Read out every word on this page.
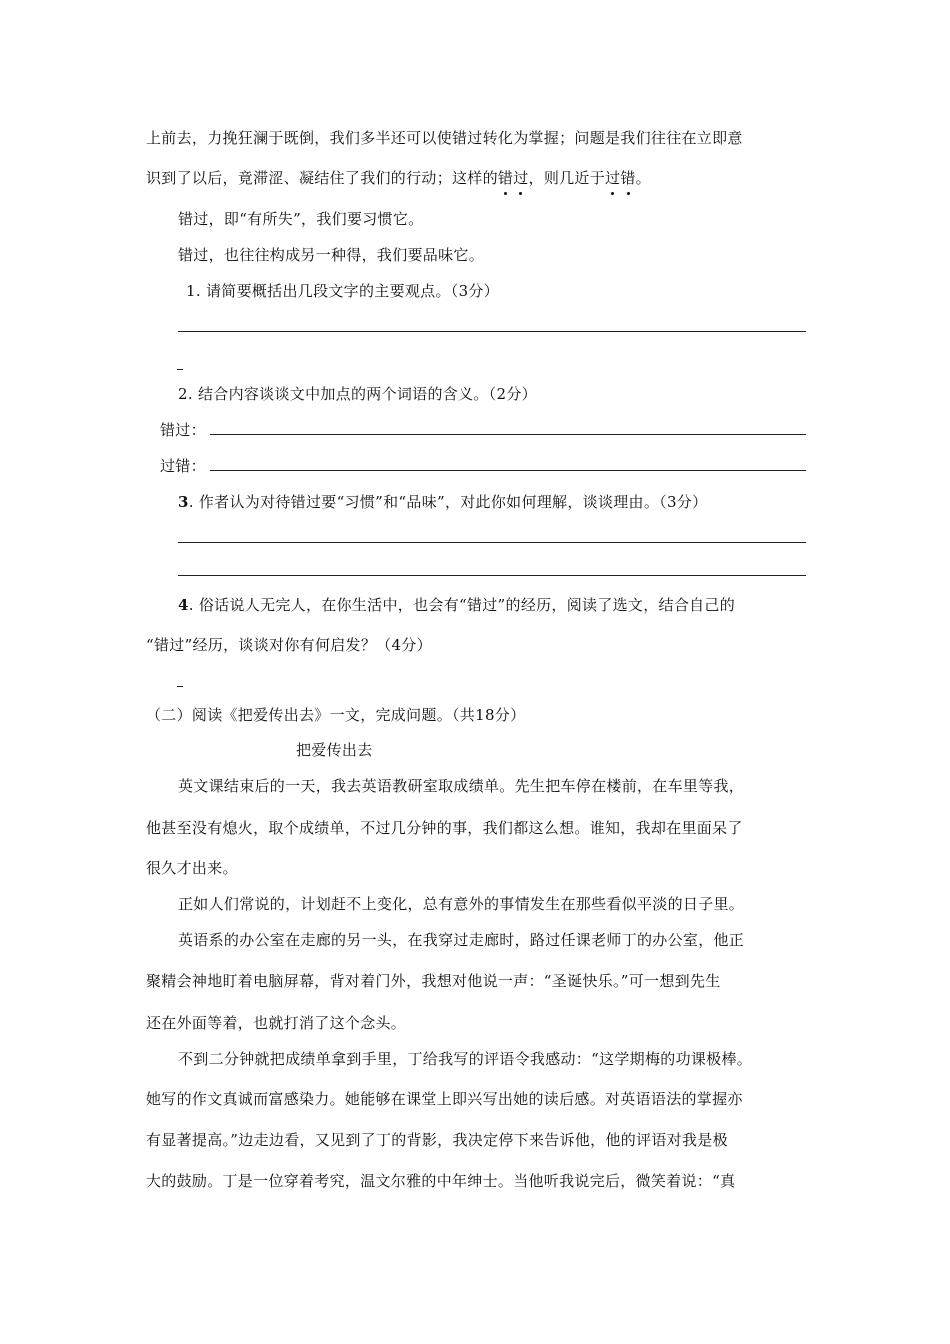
上前去，力挽狂澜于既倒，我们多半还可以使错过转化为掌握；问题是我们往往在立即意
识到了以后，竟滞涩、凝结住了我们的行动；这样的错过，则几近于过错。
错过，即“有所失”，我们要习惯它。
错过，也往往构成另一种得，我们要品味它。
1. 请简要概括出几段文字的主要观点。（3分）
2. 结合内容谈谈文中加点的两个词语的含义。（2分）
错过：
过错：
3. 作者认为对待错过要“习惯”和“品味”，对此你如何理解，谈谈理由。（3分）
4. 俗话说人无完人，在你生活中，也会有“错过”的经历，阅读了选文，结合自己的
“错过”经历，谈谈对你有何启发？（4分）
（二）阅读《把爱传出去》一文，完成问题。（共18分）
把爱传出去
英文课结束后的一天，我去英语教研室取成绩单。先生把车停在楼前，在车里等我，
他甚至没有熄火，取个成绩单，不过几分钟的事，我们都这么想。谁知，我却在里面呆了
很久才出来。
正如人们常说的，计划赶不上变化，总有意外的事情发生在那些看似平淡的日子里。
英语系的办公室在走廊的另一头，在我穿过走廊时，路过任课老师丁的办公室，他正
聚精会神地盯着电脑屏幕，背对着门外，我想对他说一声：“圣诞快乐。”可一想到先生
还在外面等着，也就打消了这个念头。
不到二分钟就把成绩单拿到手里，丁给我写的评语令我感动：“这学期梅的功课极棒。
她写的作文真诚而富感染力。她能够在课堂上即兴写出她的读后感。对英语语法的掌握亦
有显著提高。”边走边看，又见到了丁的背影，我决定停下来告诉他，他的评语对我是极
大的鼓励。丁是一位穿着考究，温文尔雅的中年绅士。当他听我说完后，微笑着说：“真
